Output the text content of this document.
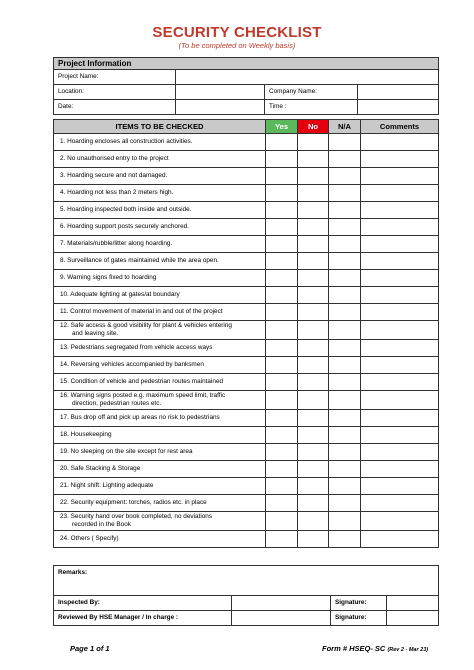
SECURITY CHECKLIST
(To be completed on Weekly basis)
Project Information			
Project Name:			
Location:		Company Name:	
Date:		Time :	
ITEMS TO BE CHECKED	Yes	No	N/A	Comments

1. Hoarding encloses all construction activities.				

2. No unauthorised entry to the project				

3. Hoarding secure and not damaged.				

4. Hoarding not less than 2 meters high.				

5. Hoarding inspected both inside and outside.				

6. Hoarding support posts securely anchored.				

7. Materials/rubble/litter along hoarding.				

8. Surveillance of gates maintained while the area open.				

9. Warning signs fixed to hoarding				

10. Adequate lighting at gates/at boundary				

11. Control movement of material in and out of the project				

12. Safe access & good visibility for plant & vehicles entering
and leaving site.				

13. Pedestrians segregated from vehicle access ways				

14. Reversing vehicles accompanied by banksmen				

15. Condition of vehicle and pedestrian routes maintained				

16. Warning signs posted e.g. maximum speed limit, traffic
direction, pedestrian routes etc.				

17. Bus drop off and pick up areas no risk to pedestrians				

18. Housekeeping				

19. No sleeping on the site except for rest area				

20. Safe Stacking & Storage				

21. Night shift: Lighting adequate				

22. Security equipment: torches, radios etc. in place				

23. Security hand over book completed, no deviations
recorded in the Book				

24. Others ( Specify)				

Remarks:			
Inspected By:		Signature:	
Reviewed By HSE Manager / In charge :		Signature:	
Page 1 of 1	Form # HSEQ- SC (Rev 2 - Mar 23)
